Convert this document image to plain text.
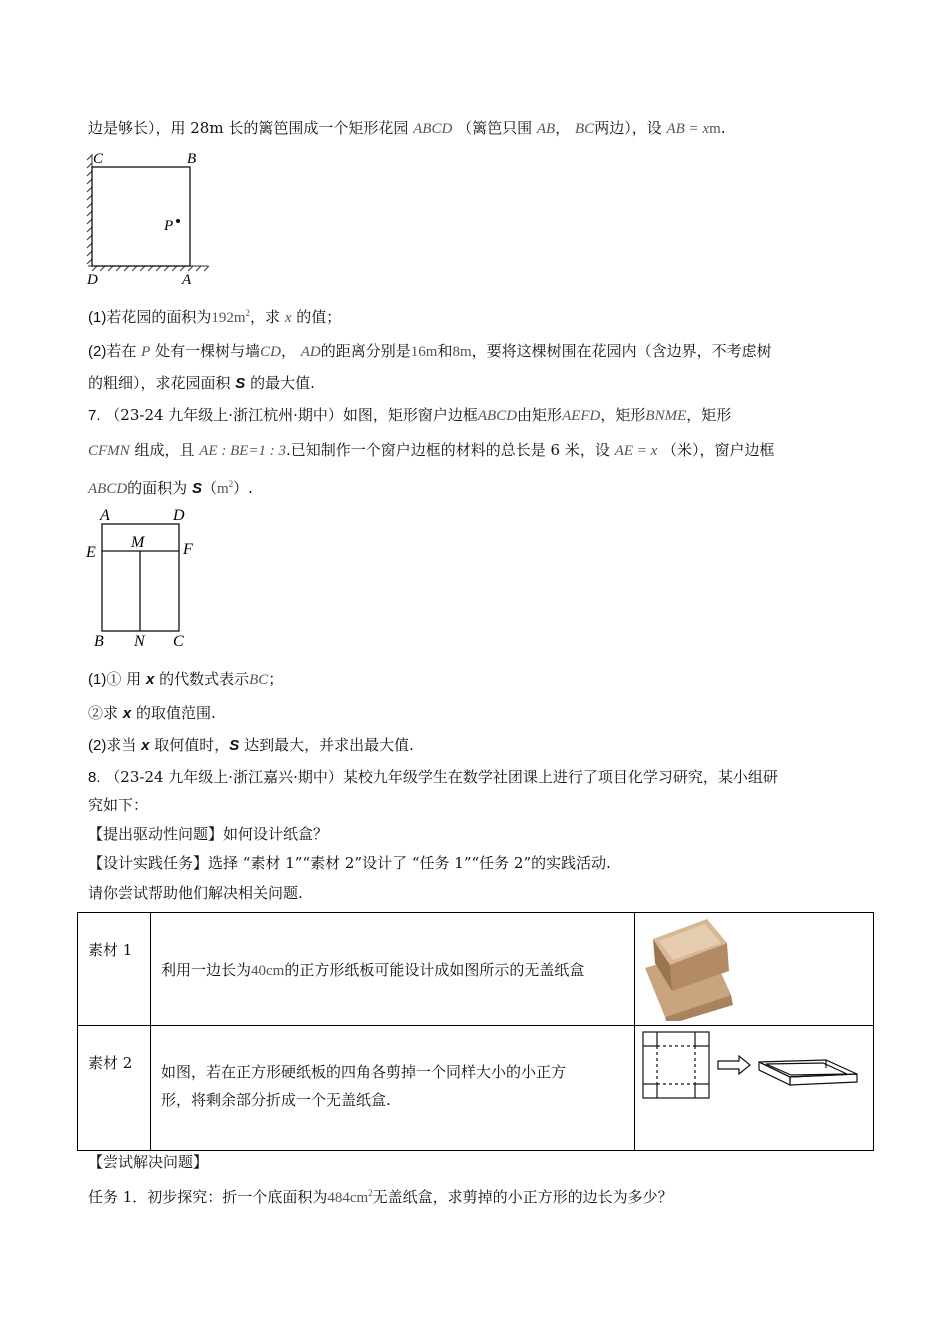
边是够长），用 28m 长的篱笆围成一个矩形花园 ABCD （篱笆只围 AB， BC两边），设 AB = xm.
C	B
P
D	A
(1)若花园的面积为$192m^2$，求 x 的值；
(2)若在 P 处有一棵树与墙CD， AD的距离分别是16m和8m，要将这棵树围在花园内（含边界，不考虑树
的粗细），求花园面积 S 的最大值.
7. （23-24 九年级上·浙江杭州·期中）如图，矩形窗户边框ABCD由矩形AEFD，矩形BNME，矩形
CFMN 组成，且 AE : BE=1 : 3.已知制作一个窗户边框的材料的总长是 6 米，设 AE = x （米），窗户边框
ABCD的面积为 $S(m^2)$.
A	D
E
M F
B N C
(1)① 用 x 的代数式表示BC；
②求 x 的取值范围.
(2)求当 x 取何值时，S 达到最大，并求出最大值.
8. （23-24 九年级上·浙江嘉兴·期中）某校九年级学生在数学社团课上进行了项目化学习研究，某小组研
究如下：
【提出驱动性问题】如何设计纸盒？
【设计实践任务】选择 “素材 1”“素材 2”设计了 “任务 1”“任务 2”的实践活动.
请你尝试帮助他们解决相关问题.
素材 1	利用一边长为40cm的正方形纸板可能设计成如图所示的无盖纸盒	
素材 2	如图，若在正方形硬纸板的四角各剪掉一个同样大小的小正方
形，将剩余部分折成一个无盖纸盒.

【尝试解决问题】
任务 1．初步探究：折一个底面积为$484cm^2$无盖纸盒，求剪掉的小正方形的边长为多少？
